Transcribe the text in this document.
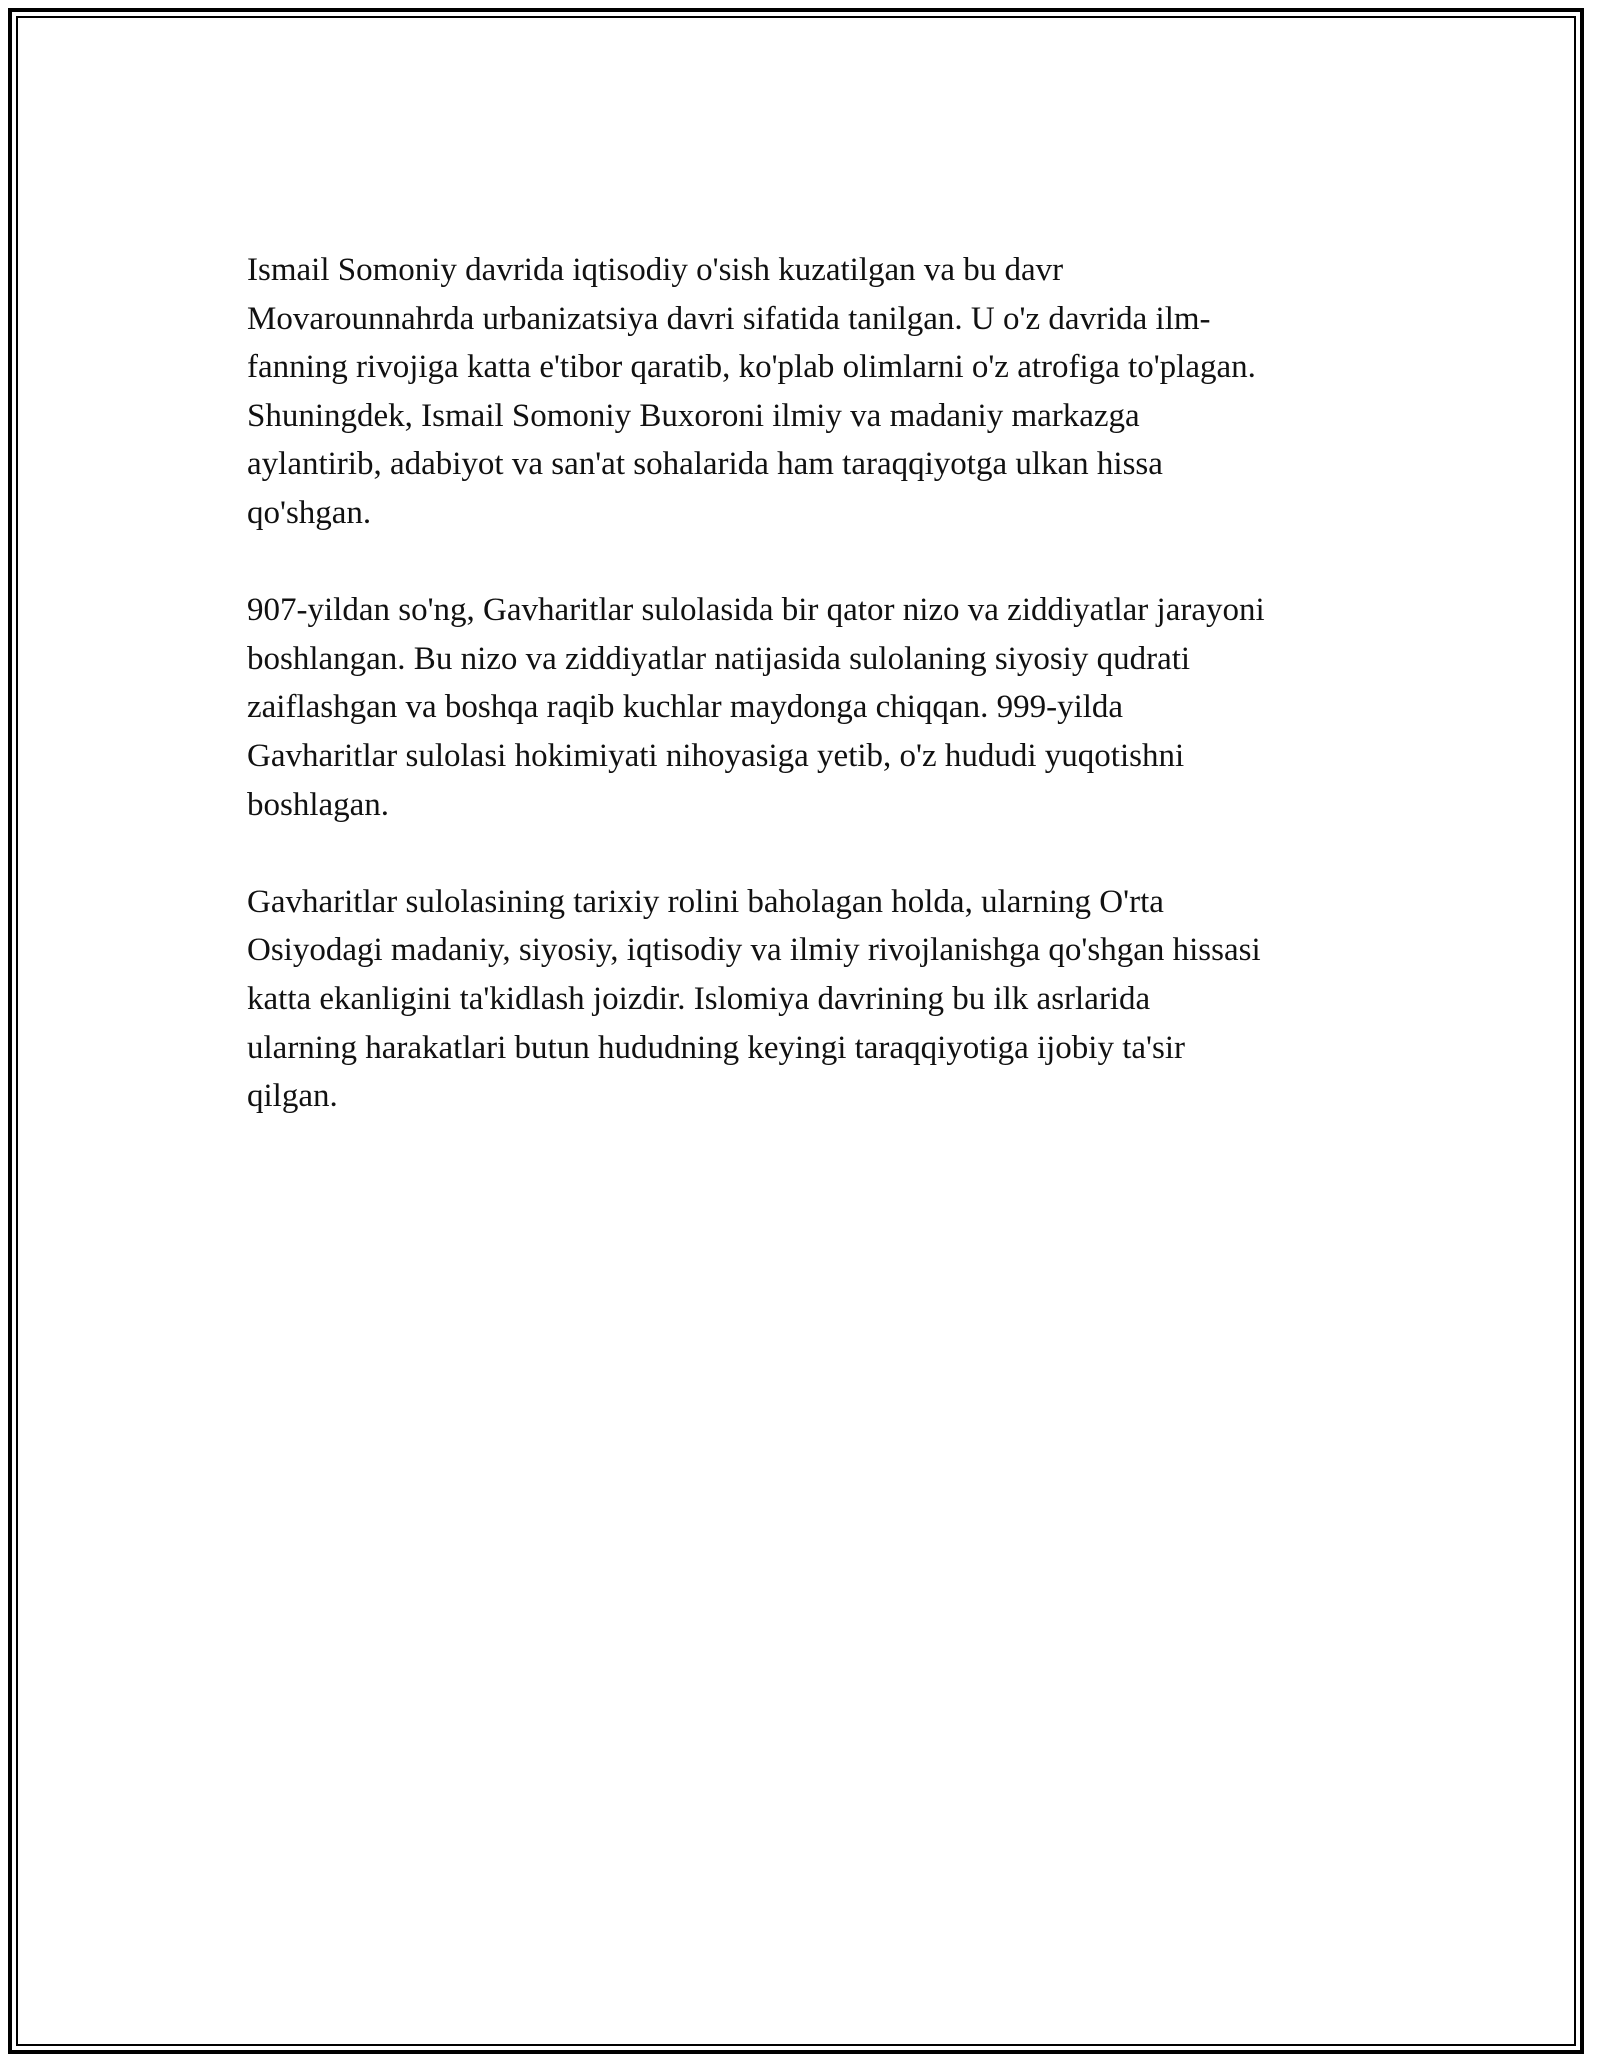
Ismail Somoniy davrida iqtisodiy o'sish kuzatilgan va bu davr
Movarounnahrda urbanizatsiya davri sifatida tanilgan. U o'z davrida ilm-
fanning rivojiga katta e'tibor qaratib, ko'plab olimlarni o'z atrofiga to'plagan.
Shuningdek, Ismail Somoniy Buxoroni ilmiy va madaniy markazga
aylantirib, adabiyot va san'at sohalarida ham taraqqiyotga ulkan hissa
qo'shgan.

907-yildan so'ng, Gavharitlar sulolasida bir qator nizo va ziddiyatlar jarayoni
boshlangan. Bu nizo va ziddiyatlar natijasida sulolaning siyosiy qudrati
zaiflashgan va boshqa raqib kuchlar maydonga chiqqan. 999-yilda
Gavharitlar sulolasi hokimiyati nihoyasiga yetib, o'z hududi yuqotishni
boshlagan.

Gavharitlar sulolasining tarixiy rolini baholagan holda, ularning O'rta
Osiyodagi madaniy, siyosiy, iqtisodiy va ilmiy rivojlanishga qo'shgan hissasi
katta ekanligini ta'kidlash joizdir. Islomiya davrining bu ilk asrlarida
ularning harakatlari butun hududning keyingi taraqqiyotiga ijobiy ta'sir
qilgan.
